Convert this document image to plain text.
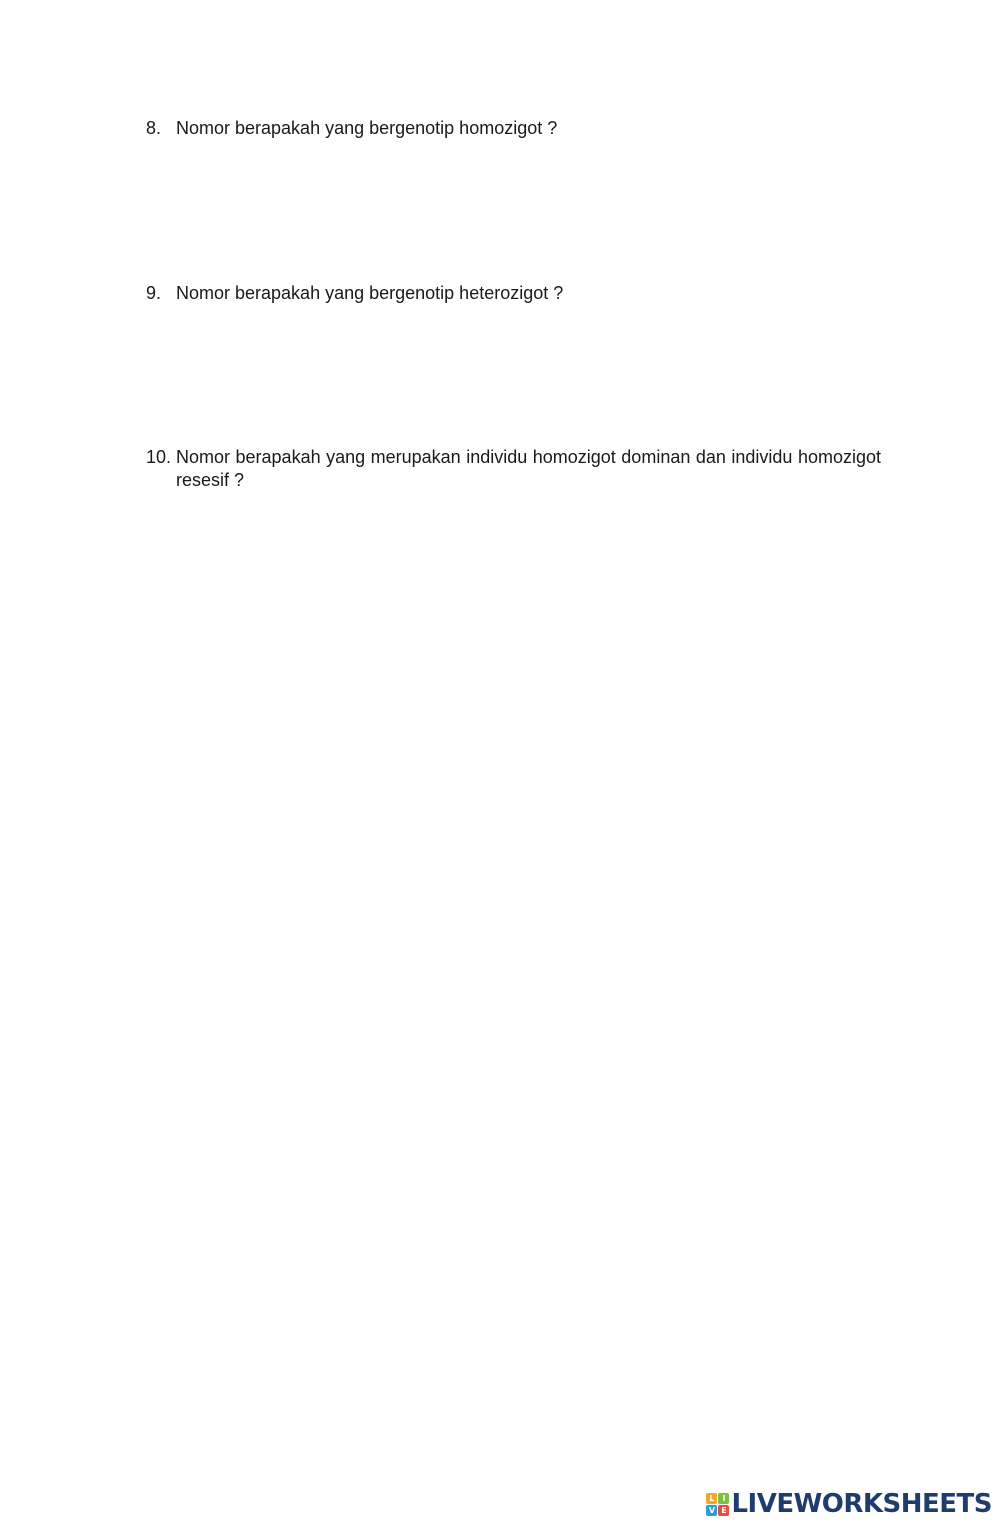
8. Nomor berapakah yang bergenotip homozigot ?
9. Nomor berapakah yang bergenotip heterozigot ?
10. Nomor berapakah yang merupakan individu homozigot dominan dan individu homozigot resesif ?
L I
V E LIVEWORKSHEETS
